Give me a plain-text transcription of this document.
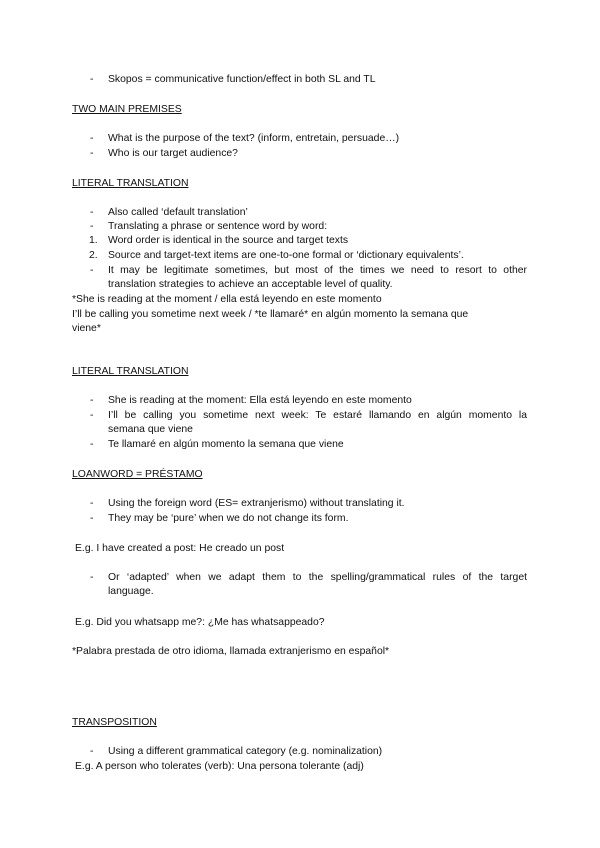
-	Skopos = communicative function/effect in both SL and TL
TWO MAIN PREMISES
-	What is the purpose of the text? (inform, entretain, persuade…)
-	Who is our target audience?
LITERAL TRANSLATION
-	Also called ‘default translation’
-	Translating a phrase or sentence word by word:
1. Word order is identical in the source and target texts
2. Source and target-text items are one-to-one formal or ‘dictionary equivalents’.
-	It may be legitimate sometimes, but most of the times we need to resort to other
translation strategies to achieve an acceptable level of quality.
*She is reading at the moment / ella está leyendo en este momento
I’ll be calling you sometime next week / *te llamaré* en algún momento la semana que
viene*
LITERAL TRANSLATION
-	She is reading at the moment: Ella está leyendo en este momento
-	I’ll be calling you sometime next week: Te estaré llamando en algún momento la
semana que viene
-	Te llamaré en algún momento la semana que viene
LOANWORD = PRÉSTAMO
-	Using the foreign word (ES= extranjerismo) without translating it.
-	They may be ‘pure’ when we do not change its form.
E.g. I have created a post: He creado un post
-	Or ‘adapted’ when we adapt them to the spelling/grammatical rules of the target
language.
E.g. Did you whatsapp me?: ¿Me has whatsappeado?
*Palabra prestada de otro idioma, llamada extranjerismo en español*
TRANSPOSITION
-	Using a different grammatical category (e.g. nominalization)
E.g. A person who tolerates (verb): Una persona tolerante (adj)
